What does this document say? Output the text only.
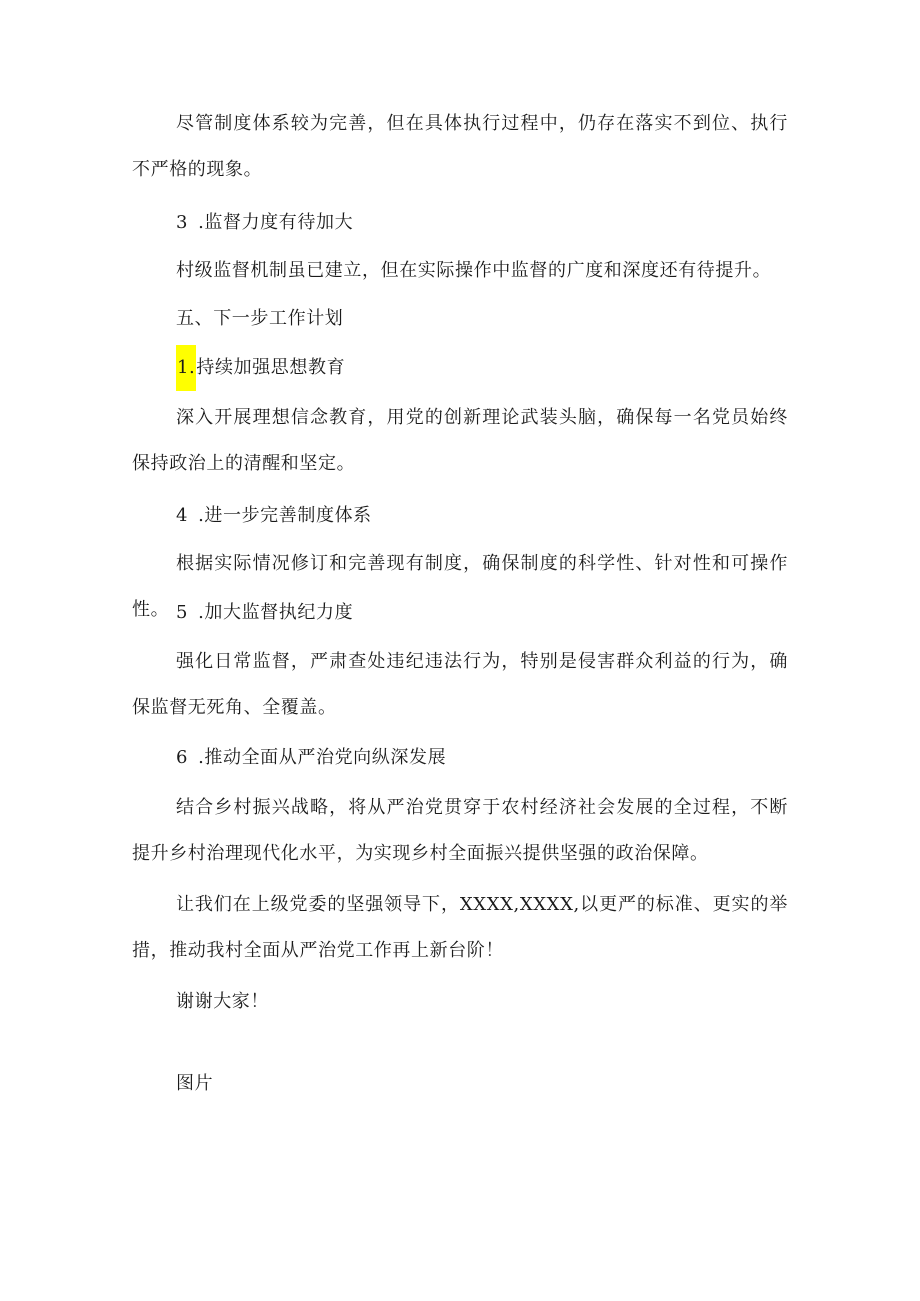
尽管制度体系较为完善，但在具体执行过程中，仍存在落实不到位、执行不严格的现象。

3 .监督力度有待加大

村级监督机制虽已建立，但在实际操作中监督的广度和深度还有待提升。

五、下一步工作计划

1.持续加强思想教育

深入开展理想信念教育，用党的创新理论武装头脑，确保每一名党员始终保持政治上的清醒和坚定。

4 .进一步完善制度体系

根据实际情况修订和完善现有制度，确保制度的科学性、针对性和可操作性。 5 .加大监督执纪力度

强化日常监督，严肃查处违纪违法行为，特别是侵害群众利益的行为，确保监督无死角、全覆盖。

6 .推动全面从严治党向纵深发展

结合乡村振兴战略，将从严治党贯穿于农村经济社会发展的全过程，不断提升乡村治理现代化水平，为实现乡村全面振兴提供坚强的政治保障。

让我们在上级党委的坚强领导下，XXXX,XXXX,以更严的标准、更实的举措，推动我村全面从严治党工作再上新台阶！

谢谢大家！

图片
